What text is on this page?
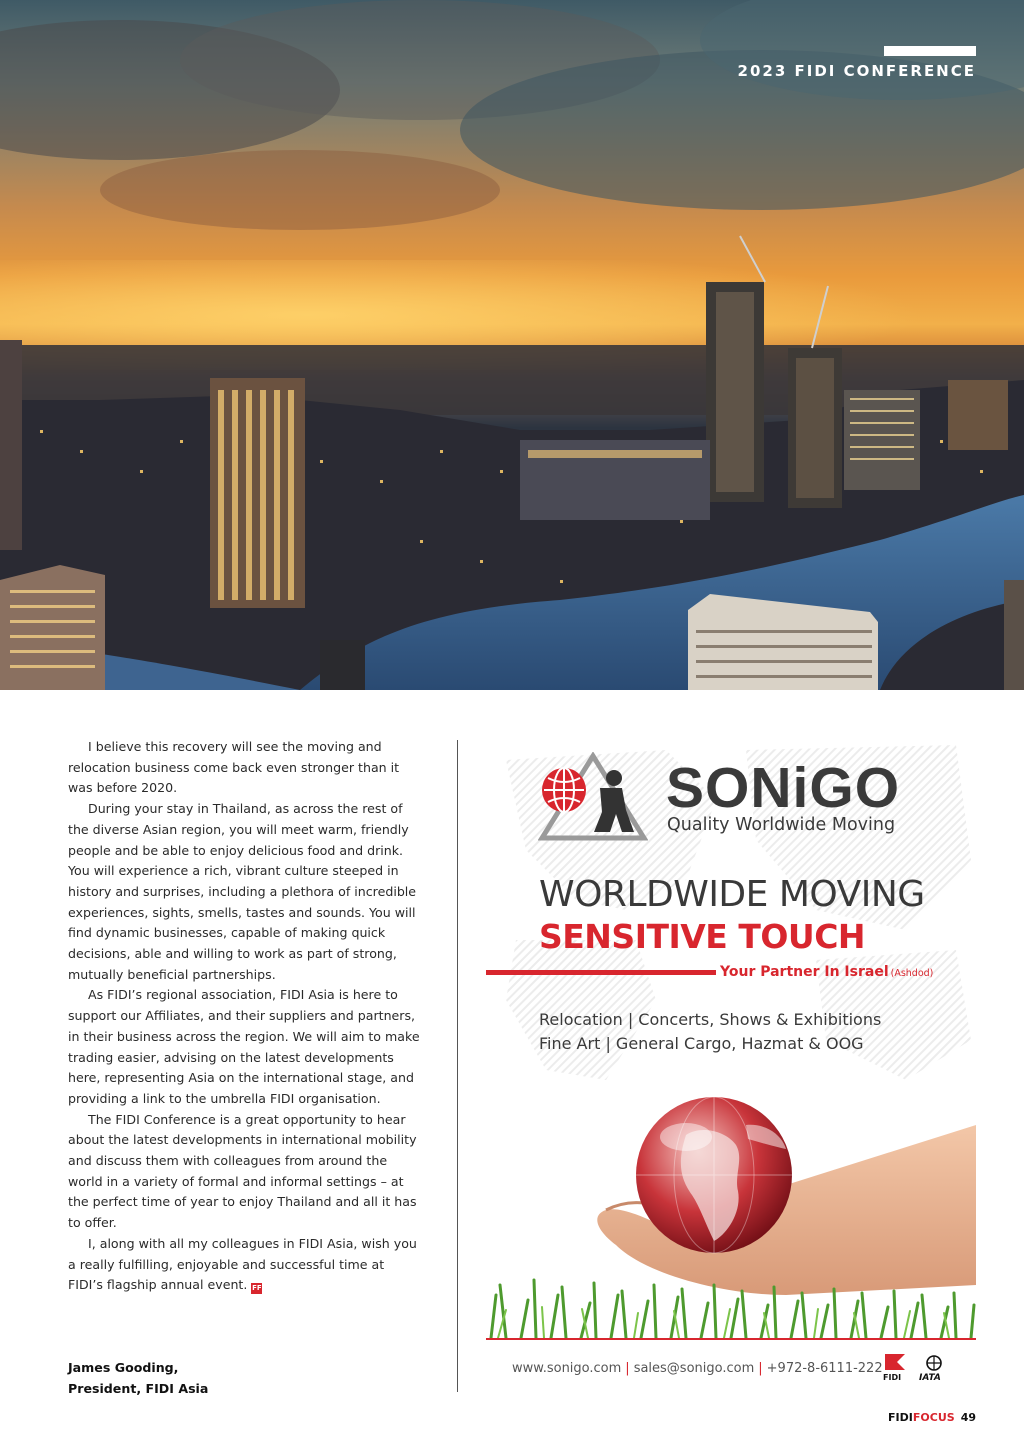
2023 FIDI CONFERENCE

I believe this recovery will see the moving and relocation business come back even stronger than it was before 2020.

During your stay in Thailand, as across the rest of the diverse Asian region, you will meet warm, friendly people and be able to enjoy delicious food and drink. You will experience a rich, vibrant culture steeped in history and surprises, including a plethora of incredible experiences, sights, smells, tastes and sounds. You will find dynamic businesses, capable of making quick decisions, able and willing to work as part of strong, mutually beneficial partnerships.

As FIDI’s regional association, FIDI Asia is here to support our Affiliates, and their suppliers and partners, in their business across the region. We will aim to make trading easier, advising on the latest developments here, representing Asia on the international stage, and providing a link to the umbrella FIDI organisation.

The FIDI Conference is a great opportunity to hear about the latest developments in international mobility and discuss them with colleagues from around the world in a variety of formal and informal settings – at the perfect time of year to enjoy Thailand and all it has to offer.

I, along with all my colleagues in FIDI Asia, wish you a really fulfilling, enjoyable and successful time at FIDI’s flagship annual event. FF

James Gooding,
President, FIDI Asia
SONiGO
Quality Worldwide Moving
WORLDWIDE MOVING
SENSITIVE TOUCH
Your Partner In Israel (Ashdod)
Relocation | Concerts, Shows & Exhibitions
Fine Art | General Cargo, Hazmat & OOG
www.sonigo.com | sales@sonigo.com | +972-8-6111-222
FIDI IATA
FIDIFOCUS 49
